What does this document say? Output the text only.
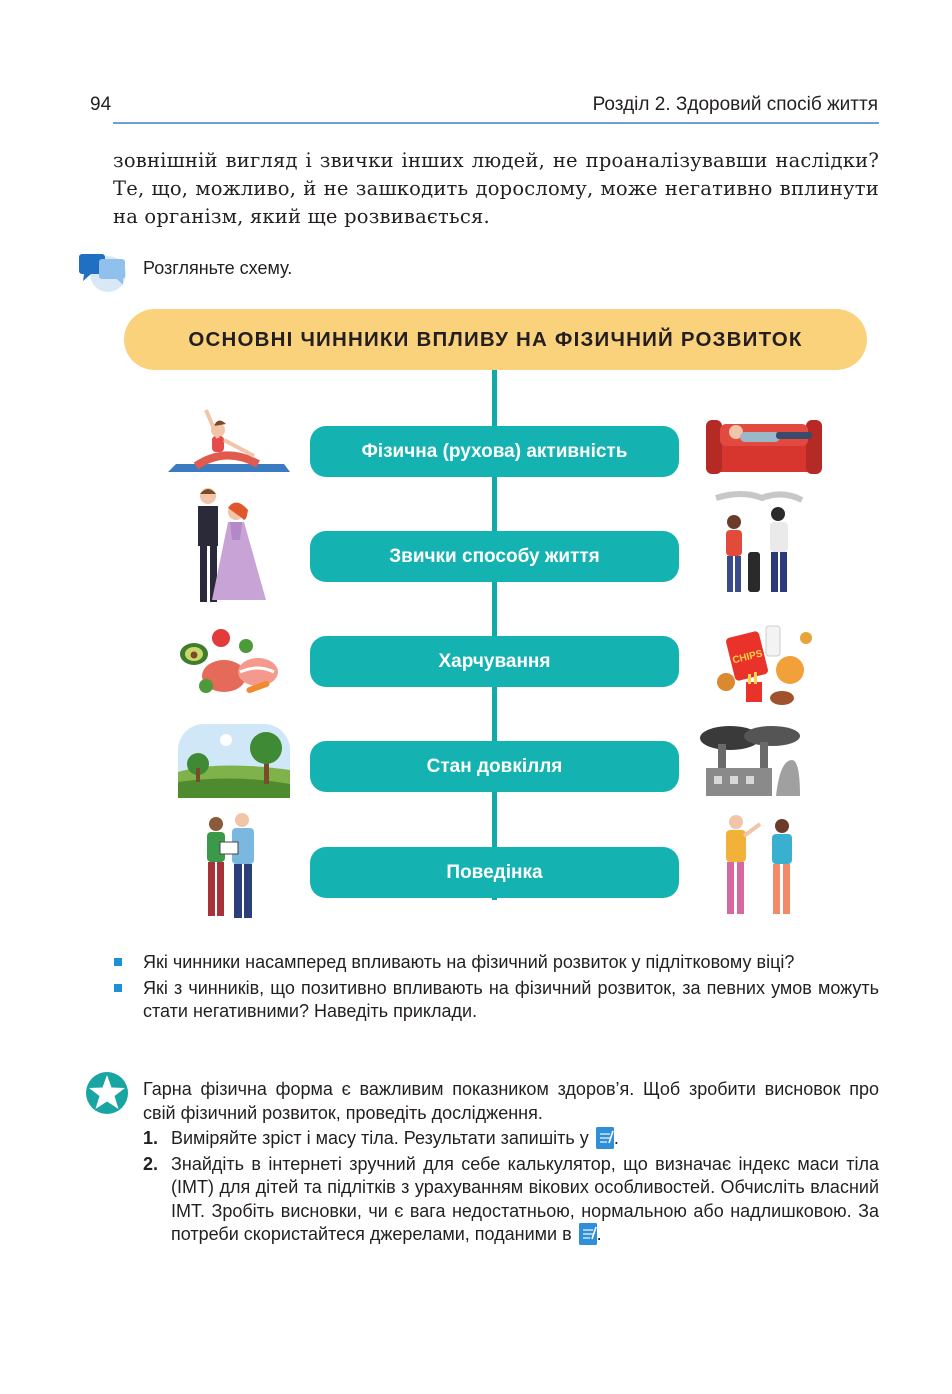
94	Розділ 2. Здоровий спосіб життя

зовнішній вигляд і звички інших людей, не проаналізувавши наслідки? Те, що, можливо, й не зашкодить дорослому, може негативно вплинути на організм, який ще розвивається.

Розгляньте схему.
ОСНОВНІ ЧИННИКИ ВПЛИВУ НА ФІЗИЧНИЙ РОЗВИТОК
Фізична (рухова) активність
Звички способу життя
Харчування
Стан довкілля
Поведінка
CHIPS
Які чинники насамперед впливають на фізичний розвиток у підлітковому віці?
Які з чинників, що позитивно впливають на фізичний розвиток, за певних умов можуть стати негативними? Наведіть приклади.

Гарна фізична форма є важливим показником здоров’я. Щоб зробити висновок про свій фізичний розвиток, проведіть дослідження.

1. Виміряйте зріст і масу тіла. Результати запишіть у .
2. Знайдіть в інтернеті зручний для себе калькулятор, що визначає індекс маси тіла (ІМТ) для дітей та підлітків з урахуванням вікових особливостей. Обчисліть власний ІМТ. Зробіть висновки, чи є вага недостатньою, нормальною або надлишковою. За потреби скористайтеся джерелами, поданими в .
